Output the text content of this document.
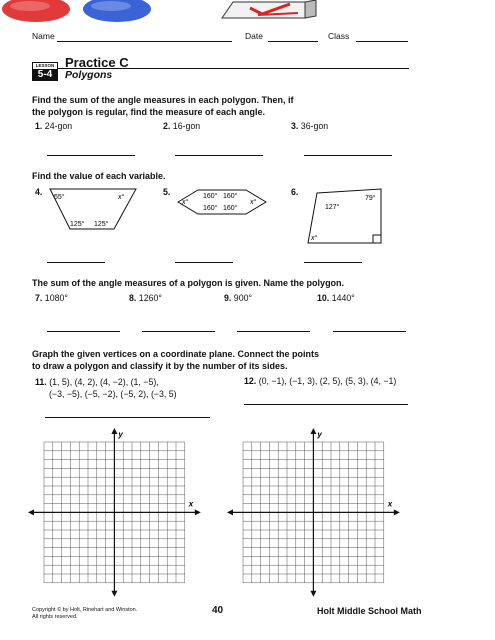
Name	Date	Class
LESSON
5-4
Practice C
Polygons
Find the sum of the angle measures in each polygon. Then, if
the polygon is regular, find the measure of each angle.
1. 24-gon	2. 16-gon	3. 36-gon
Find the value of each variable.
4.
55°	x°
125° 125°
5.	160° 160°
160° 160°
x°	x°
6.
79°
127°
x°
The sum of the angle measures of a polygon is given. Name the polygon.
7. 1080°	8. 1260°	9. 900°	10. 1440°
Graph the given vertices on a coordinate plane. Connect the points
to draw a polygon and classify it by the number of its sides.
11. (1, 5), (4, 2), (4, −2), (1, −5),
(−3, −5), (−5, −2), (−5, 2), (−3, 5)
12. (0, −1), (−1, 3), (2, 5), (5, 3), (4, −1)
x
y
x
y
Copyright © by Holt, Rinehart and Winston.
All rights reserved.
40	Holt Middle School Math
